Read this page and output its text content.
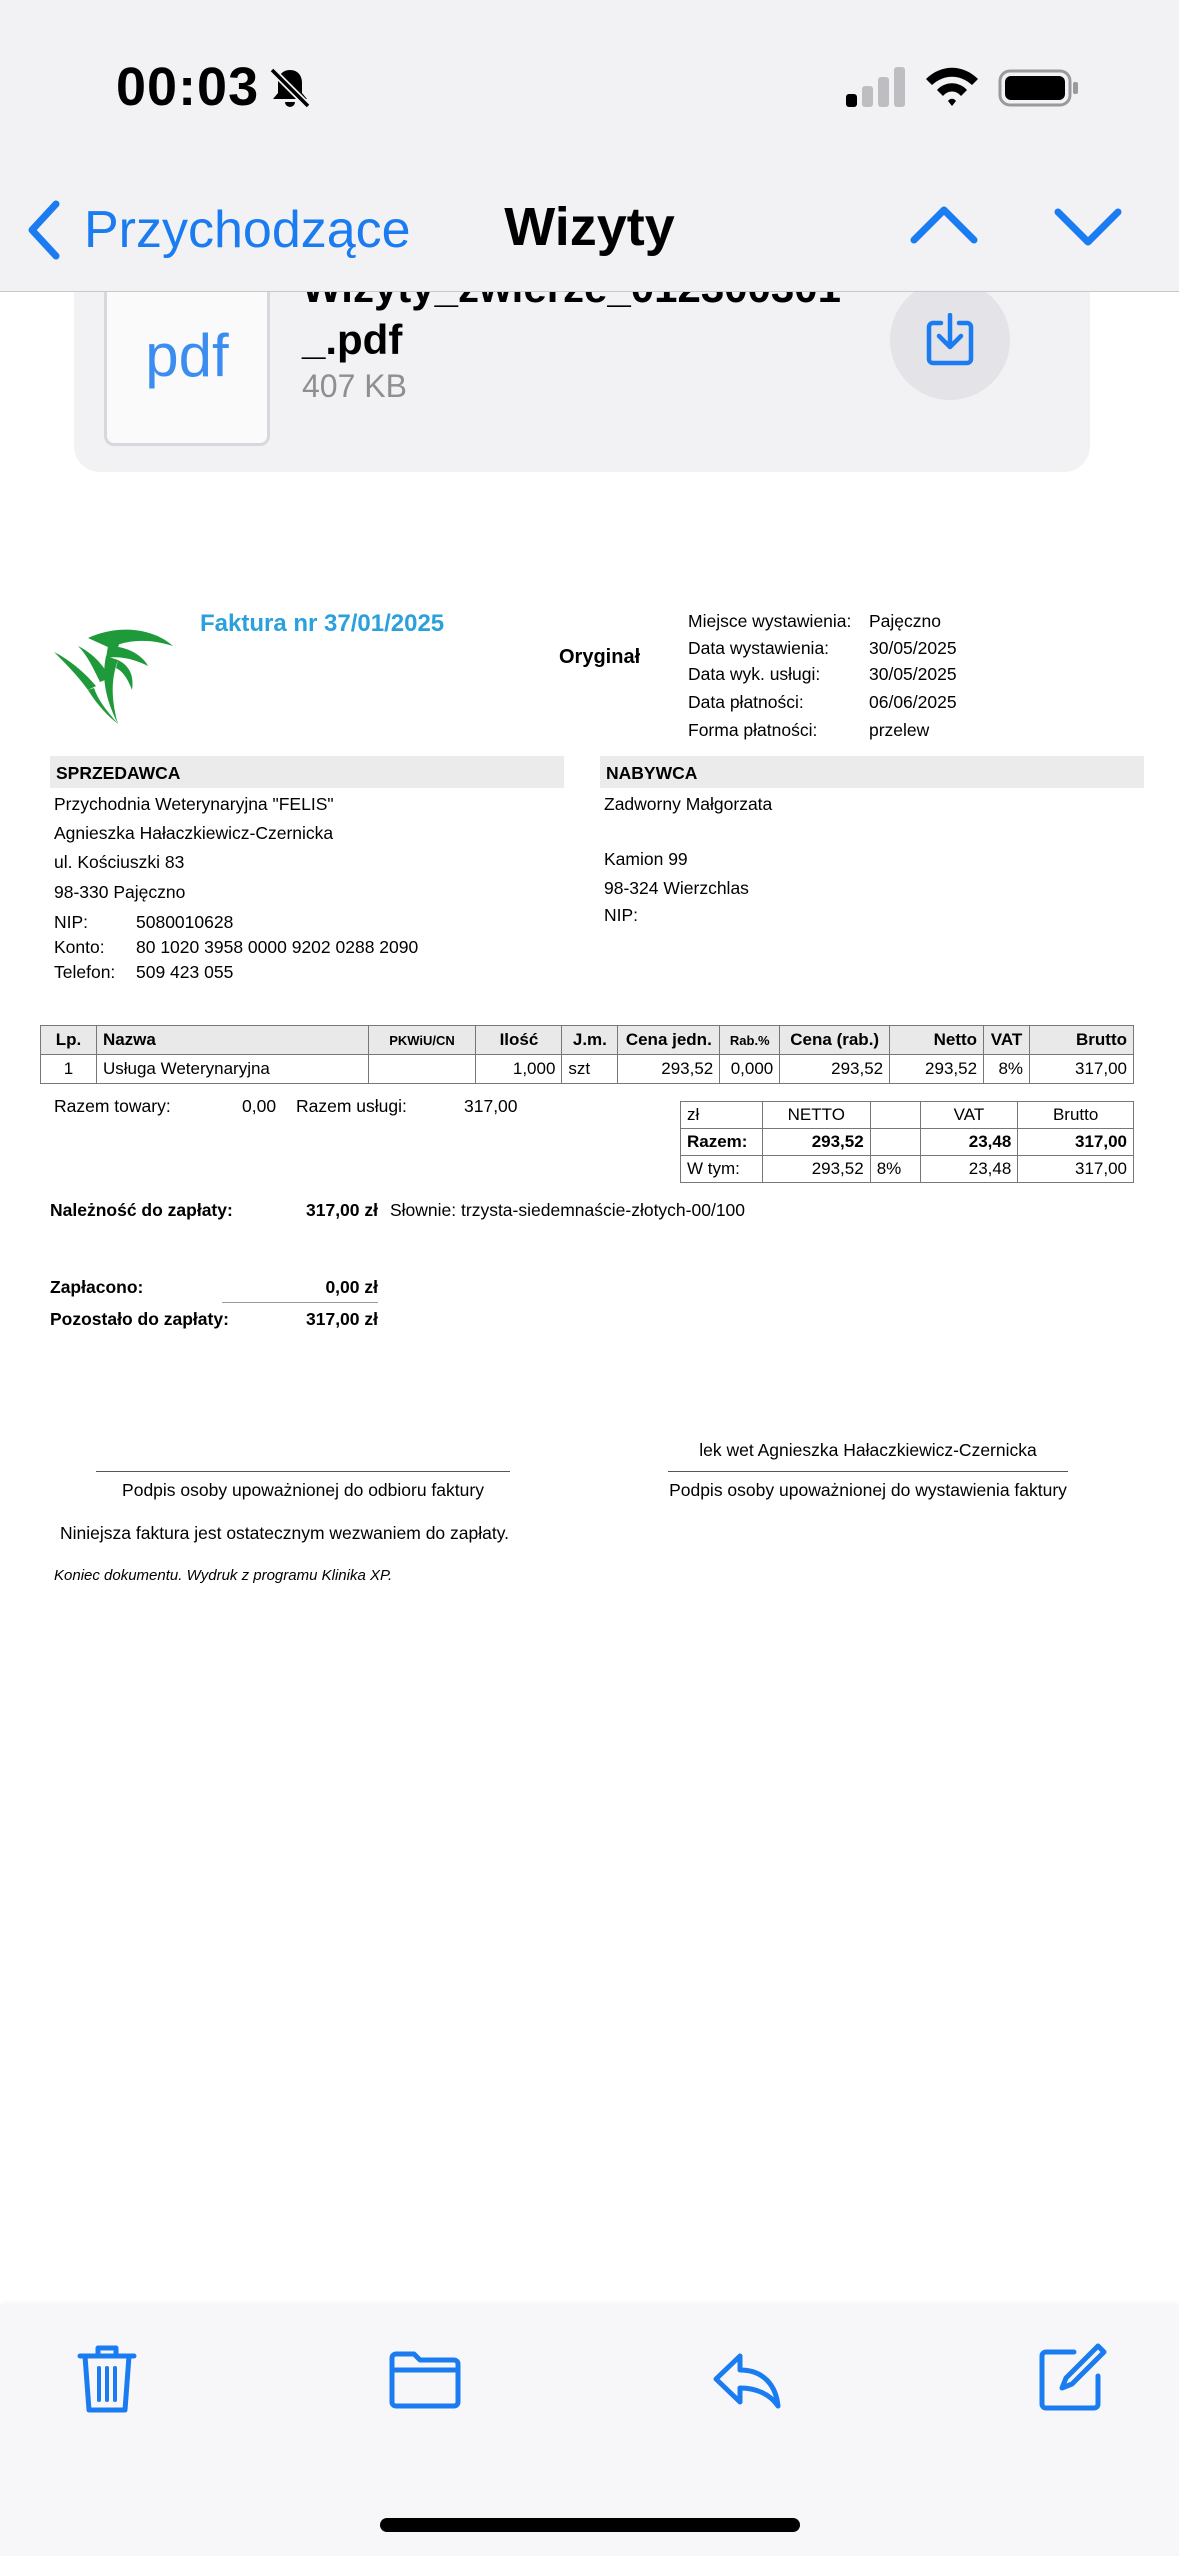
Faktura nr 37/01/2025
Oryginał
Miejsce wystawienia: Pajęczno
Data wystawienia: 30/05/2025
Data wyk. usługi:	30/05/2025
Data płatności:	06/06/2025
Forma płatności:	przelew
SPRZEDAWCA
Przychodnia Weterynaryjna "FELIS"
Agnieszka Hałaczkiewicz-Czernicka
ul. Kościuszki 83
98-330 Pajęczno
NIP:	5080010628
Konto: 80 1020 3958 0000 9202 0288 2090
Telefon: 509 423 055
NABYWCA
Zadworny Małgorzata
Kamion 99
98-324 Wierzchlas
NIP:
Lp.	Nazwa	PKWiU/CN	Ilość	J.m.	Cena jedn.	Rab.%	Cena (rab.)	Netto	VAT	Brutto
1	Usługa Weterynaryjna		1,000	szt	293,52	0,000	293,52	293,52	8%	317,00
Razem towary:	0,00 Razem usługi:	317,00	zł	NETTO		VAT	Brutto
Razem:	293,52		23,48	317,00
W tym:	293,52	8%	23,48	317,00
Należność do zapłaty:	317,00 zł Słownie: trzysta-siedemnaście-złotych-00/100
Zapłacono:	0,00 zł
Pozostało do zapłaty:	317,00 zł
lek wet Agnieszka Hałaczkiewicz-Czernicka
Podpis osoby upoważnionej do odbioru faktury	Podpis osoby upoważnionej do wystawienia faktury
Niniejsza faktura jest ostatecznym wezwaniem do zapłaty.
Koniec dokumentu. Wydruk z programu Klinika XP.
pdf	_.pdf
407 KB
00:03
Przychodzące	Wizyty
